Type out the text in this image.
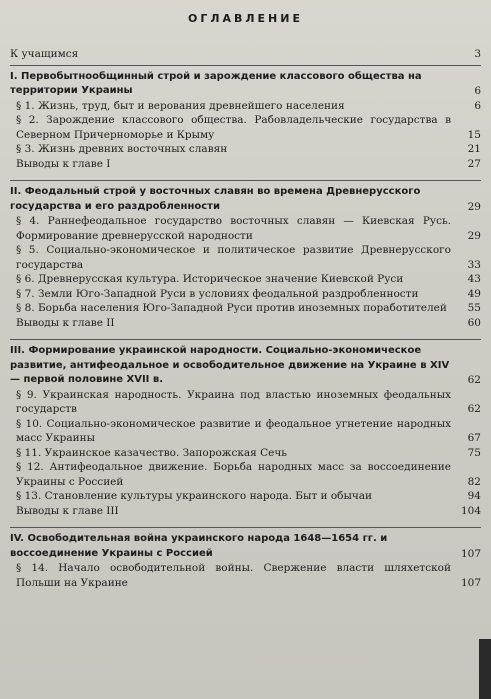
ОГЛАВЛЕНИЕ
К учащимся	3
I. Первобытнообщинный строй и зарождение классового общества на территории Украины	6
§ 1. Жизнь, труд, быт и верования древнейшего населения	6
§ 2. Зарождение классового общества. Рабовладельческие государства в Северном Причерноморье и Крыму	15
§ 3. Жизнь древних восточных славян	21
Выводы к главе I	27
II. Феодальный строй у восточных славян во времена Древнерусского государства и его раздробленности	29
§ 4. Раннефеодальное государство восточных славян — Киевская Русь. Формирование древнерусской народности	29
§ 5. Социально-экономическое и политическое развитие Древнерусского государства	33
§ 6. Древнерусская культура. Историческое значение Киевской Руси	43
§ 7. Земли Юго-Западной Руси в условиях феодальной раздробленности	49
§ 8. Борьба населения Юго-Западной Руси против иноземных поработителей	55
Выводы к главе II	60
III. Формирование украинской народности. Социально-экономическое развитие, антифеодальное и освободительное движение на Украине в XIV — первой половине XVII в.	62
§ 9. Украинская народность. Украина под властью иноземных феодальных государств	62
§ 10. Социально-экономическое развитие и феодальное угнетение народных масс Украины	67
§ 11. Украинское казачество. Запорожская Сечь	75
§ 12. Антифеодальное движение. Борьба народных масс за воссоединение Украины с Россией	82
§ 13. Становление культуры украинского народа. Быт и обычаи	94
Выводы к главе III	104
IV. Освободительная война украинского народа 1648—1654 гг. и воссоединение Украины с Россией	107
§ 14. Начало освободительной войны. Свержение власти шляхетской Польши на Украине	107
